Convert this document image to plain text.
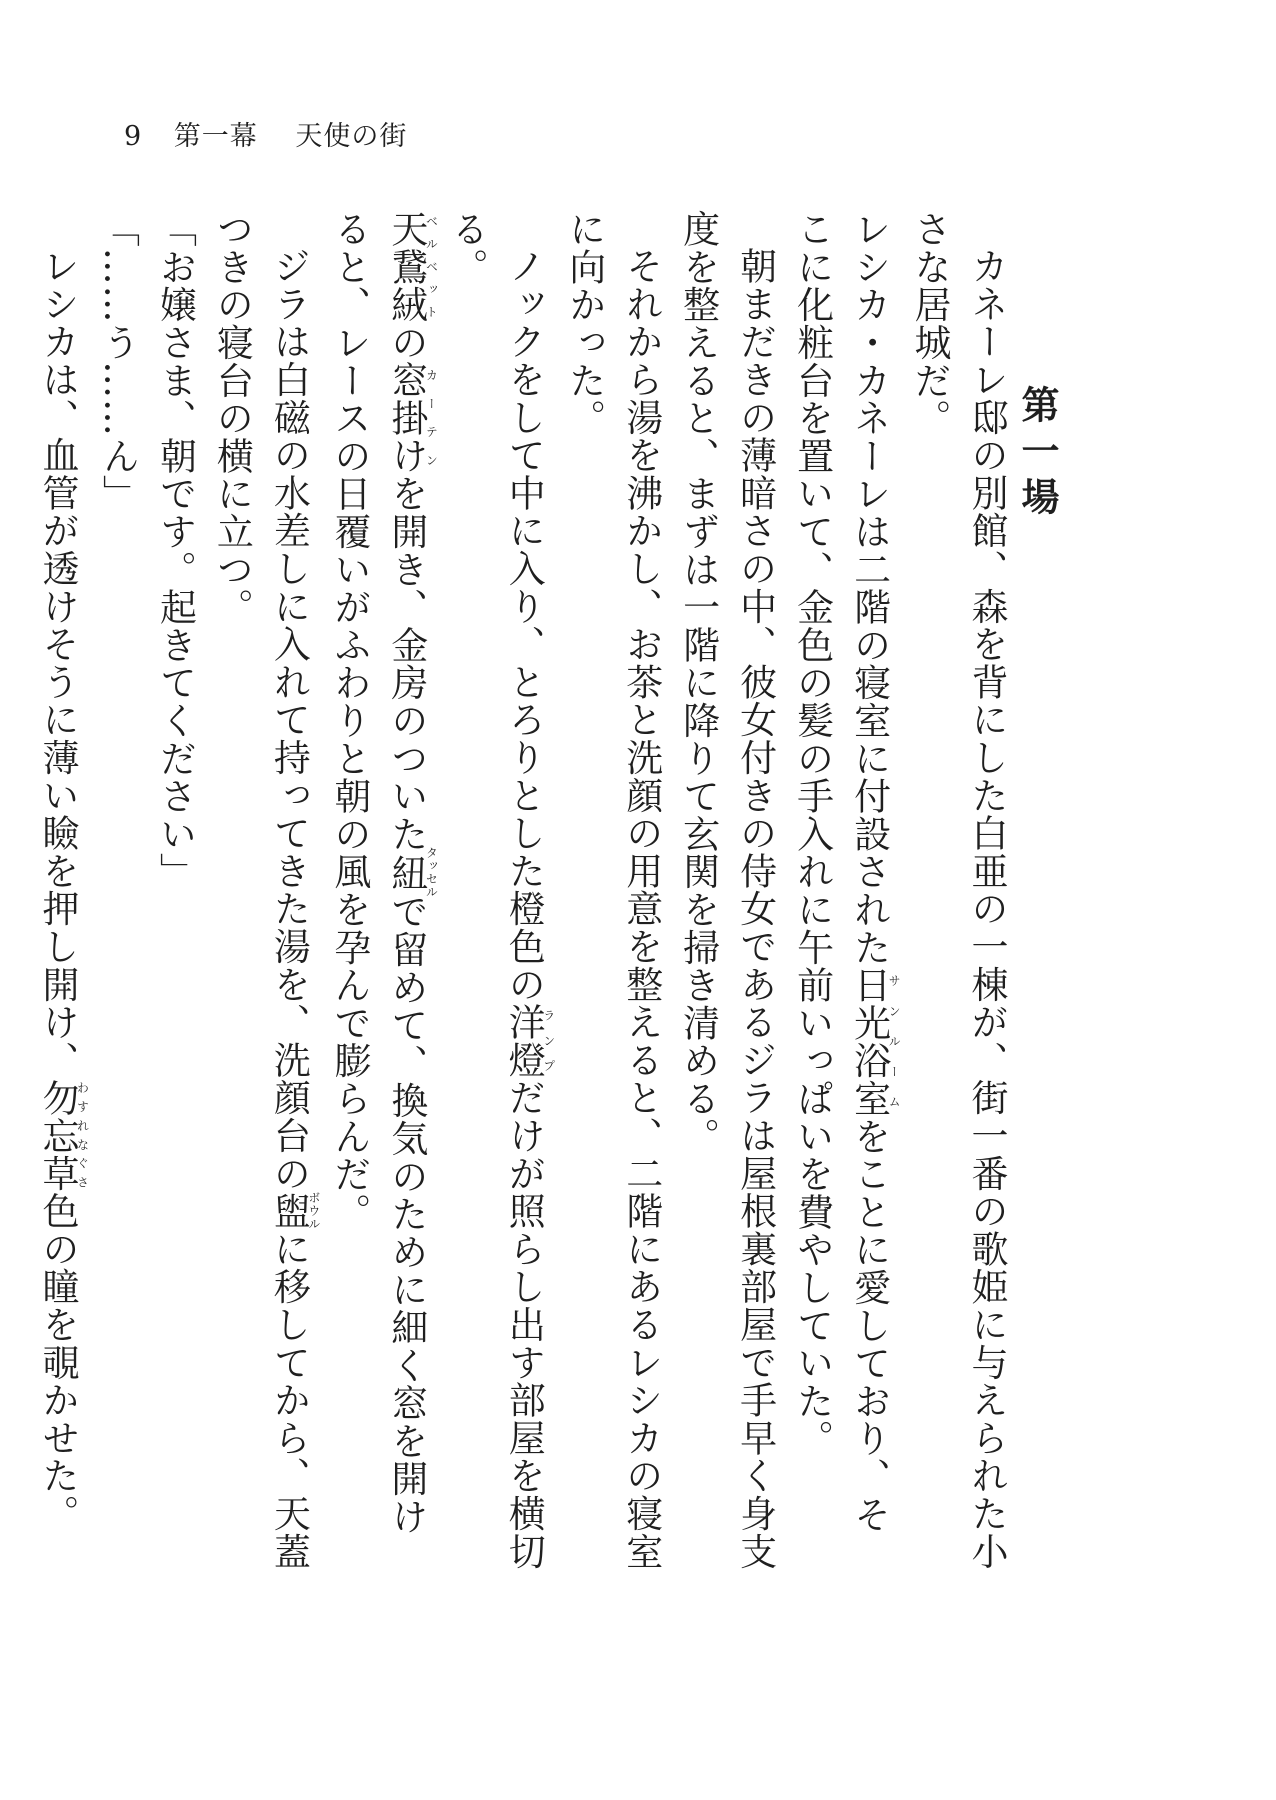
9 第一幕 天使の街
第一場

カネーレ邸の別館、森を背にした白亜の一棟が、街一番の歌姫に与えられた小さな居城だ。

レシカ・カネーレは二階の寝室に付設された日光浴室サンルームをことに愛しており、そこに化粧台を置いて、金色の髪の手入れに午前いっぱいを費やしていた。

朝まだきの薄暗さの中、彼女付きの侍女であるジラは屋根裏部屋で手早く身支度を整えると、まずは一階に降りて玄関を掃き清める。

それから湯を沸かし、お茶と洗顔の用意を整えると、二階にあるレシカの寝室に向かった。

ノックをして中に入り、とろりとした橙色の洋燈ランプだけが照らし出す部屋を横切る。

天鵞絨ベルベットの窓掛けカーテンを開き、金房のついた紐タッセルで留めて、換気のために細く窓を開けると、レースの日覆いがふわりと朝の風を孕んで膨らんだ。

ジラは白磁の水差しに入れて持ってきた湯を、洗顔台の盥ボウルに移してから、天蓋つきの寝台の横に立つ。

「お嬢さま、朝です。起きてください」

「……う……ん」

レシカは、血管が透けそうに薄い瞼を押し開け、勿忘草わすれなぐさ色の瞳を覗かせた。
